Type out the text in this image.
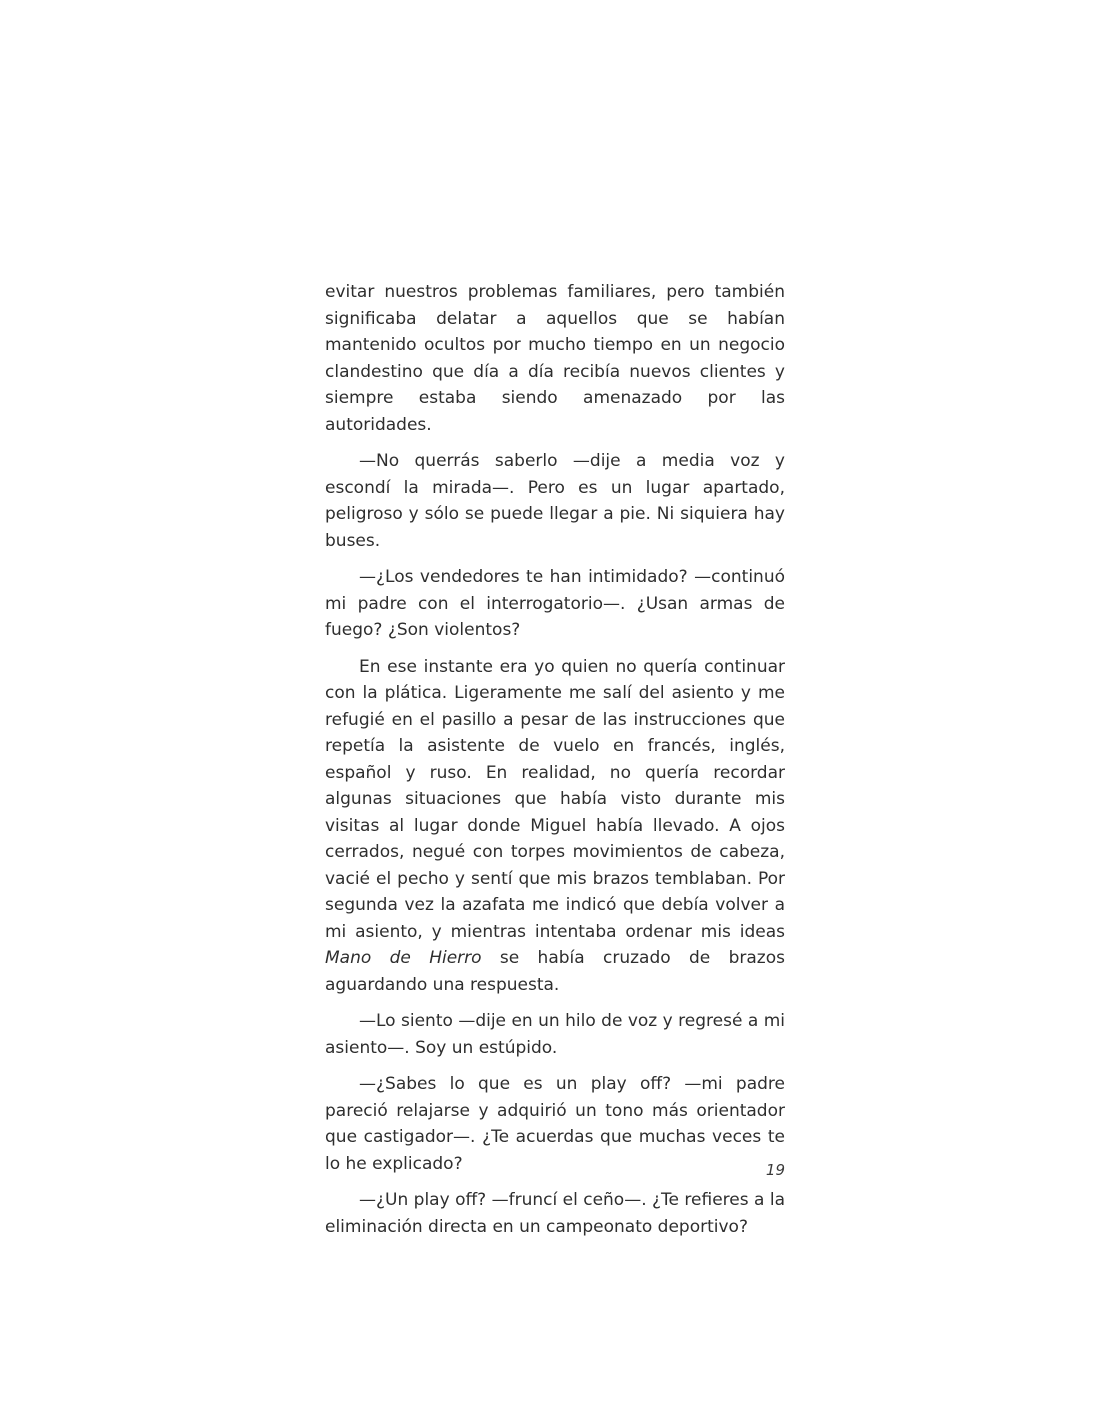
evitar nuestros problemas familiares, pero también significaba delatar a aquellos que se habían mantenido ocultos por mucho tiempo en un negocio clandestino que día a día recibía nuevos clientes y siempre estaba siendo amenazado por las autoridades.

—No querrás saberlo —dije a media voz y escondí la mirada—. Pero es un lugar apartado, peligroso y sólo se puede llegar a pie. Ni siquiera hay buses.

—¿Los vendedores te han intimidado? —continuó mi padre con el interrogatorio—. ¿Usan armas de fuego? ¿Son violentos?

En ese instante era yo quien no quería continuar con la plática. Ligeramente me salí del asiento y me refugié en el pasillo a pesar de las instrucciones que repetía la asistente de vuelo en francés, inglés, español y ruso. En realidad, no quería recordar algunas situaciones que había visto durante mis visitas al lugar donde Miguel había llevado. A ojos cerrados, negué con torpes movimientos de cabeza, vacié el pecho y sentí que mis brazos temblaban. Por segunda vez la azafata me indicó que debía volver a mi asiento, y mientras intentaba ordenar mis ideas Mano de Hierro se había cruzado de brazos aguardando una respuesta.

—Lo siento —dije en un hilo de voz y regresé a mi asiento—. Soy un estúpido.

—¿Sabes lo que es un play off? —mi padre pareció relajarse y adquirió un tono más orientador que castigador—. ¿Te acuerdas que muchas veces te lo he explicado?

—¿Un play off? —fruncí el ceño—. ¿Te refieres a la eliminación directa en un campeonato deportivo?

19
